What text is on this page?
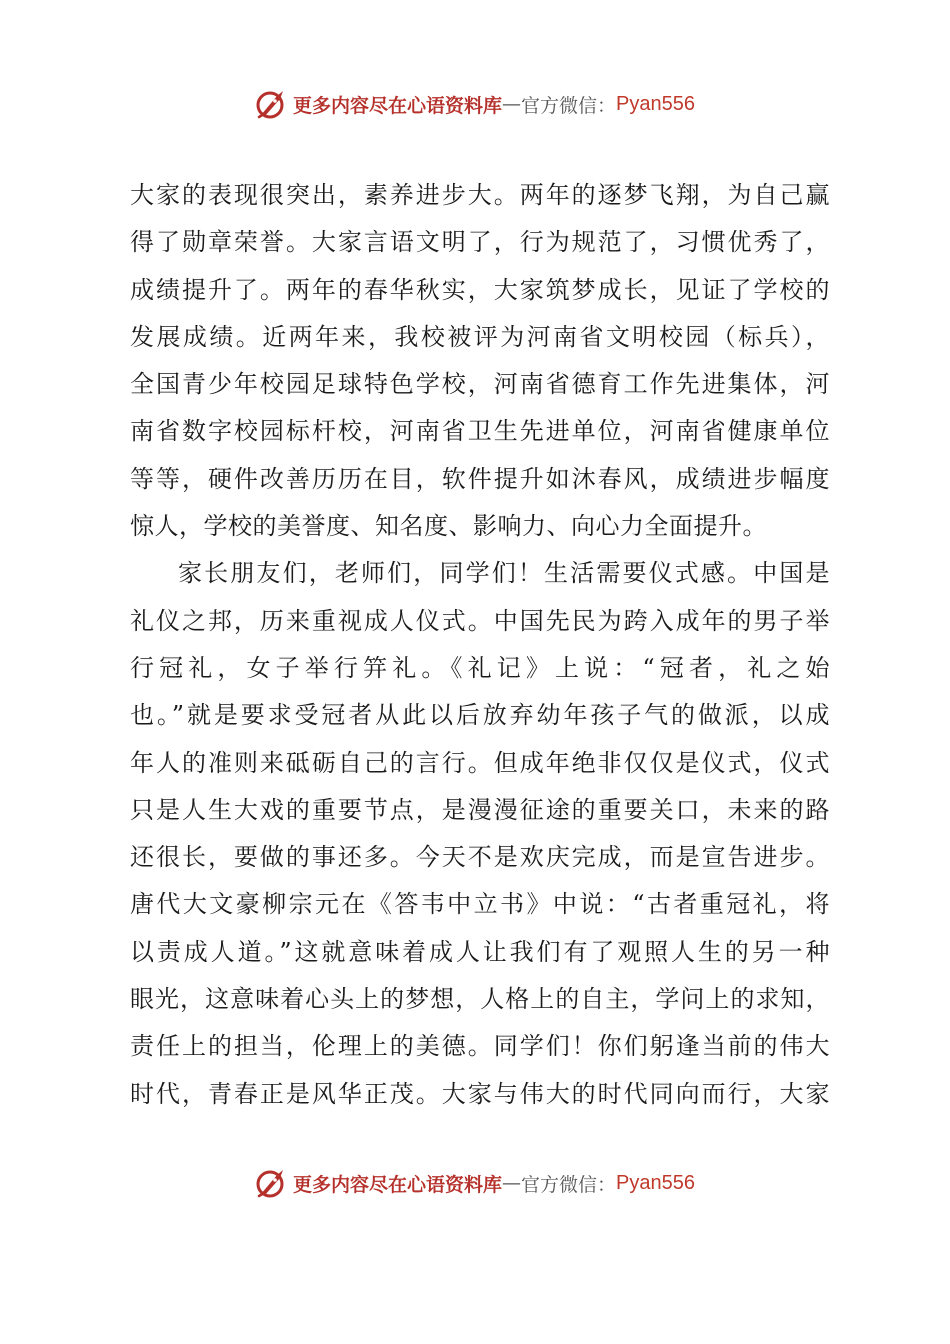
更多内容尽在心语资料库 — 官方微信： Pyan556
大家的表现很突出，素养进步大。两年的逐梦飞翔，为自己赢
得了勋章荣誉。大家言语文明了，行为规范了，习惯优秀了，
成绩提升了。两年的春华秋实，大家筑梦成长，见证了学校的
发展成绩。近两年来，我校被评为河南省文明校园（标兵），
全国青少年校园足球特色学校，河南省德育工作先进集体，河
南省数字校园标杆校，河南省卫生先进单位，河南省健康单位
等等，硬件改善历历在目，软件提升如沐春风，成绩进步幅度
惊人，学校的美誉度、知名度、影响力、向心力全面提升。
家长朋友们，老师们，同学们！生活需要仪式感。中国是
礼仪之邦，历来重视成人仪式。中国先民为跨入成年的男子举
行冠礼，女子举行笄礼。《礼记》上说：“冠者，礼之始
也。”就是要求受冠者从此以后放弃幼年孩子气的做派，以成
年人的准则来砥砺自己的言行。但成年绝非仅仅是仪式，仪式
只是人生大戏的重要节点，是漫漫征途的重要关口，未来的路
还很长，要做的事还多。今天不是欢庆完成，而是宣告进步。
唐代大文豪柳宗元在《答韦中立书》中说：“古者重冠礼，将
以责成人道。”这就意味着成人让我们有了观照人生的另一种
眼光，这意味着心头上的梦想，人格上的自主，学问上的求知，
责任上的担当，伦理上的美德。同学们！你们躬逢当前的伟大
时代，青春正是风华正茂。大家与伟大的时代同向而行，大家
更多内容尽在心语资料库 — 官方微信： Pyan556
